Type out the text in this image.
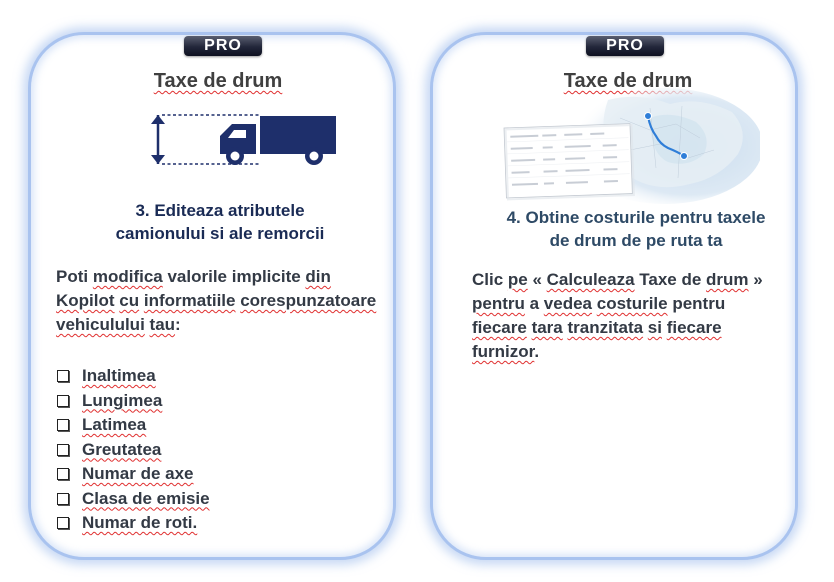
PRO
Taxe de drum
3. Editeaza atributele
camionului si ale remorcii
Poti modifica valorile implicite din
Kopilot cu informatiile corespunzatoare
vehiculului tau:
Inaltimea
Lungimea
Latimea
Greutatea
Numar de axe
Clasa de emisie
Numar de roti.
PRO
Taxe de drum
4. Obtine costurile pentru taxele
de drum de pe ruta ta
Clic pe « Calculeaza Taxe de drum »
pentru a vedea costurile pentru
fiecare tara tranzitata si fiecare
furnizor.
